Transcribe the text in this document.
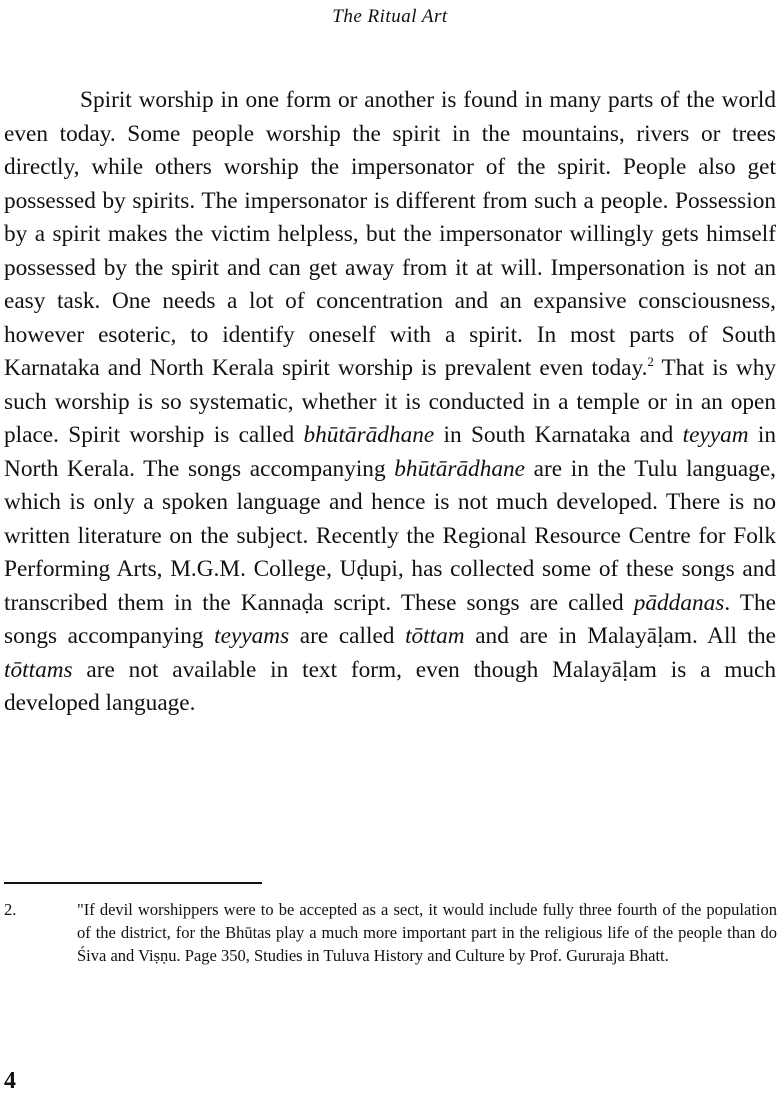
The Ritual Art

Spirit worship in one form or another is found in many parts of the world even today. Some people worship the spirit in the mountains, rivers or trees directly, while others worship the impersonator of the spirit. People also get possessed by spirits. The impersonator is different from such a people. Possession by a spirit makes the victim helpless, but the impersonator willingly gets himself possessed by the spirit and can get away from it at will. Impersonation is not an easy task. One needs a lot of concentration and an expansive consciousness, however esoteric, to identify oneself with a spirit. In most parts of South Karnataka and North Kerala spirit worship is prevalent even today.$^2$ That is why such worship is so systematic, whether it is conducted in a temple or in an open place. Spirit worship is called bhūtārādhane in South Karnataka and teyyam in North Kerala. The songs accompanying bhūtārādhane are in the Tulu language, which is only a spoken language and hence is not much developed. There is no written literature on the subject. Recently the Regional Resource Centre for Folk Performing Arts, M.G.M. College, Uḍupi, has collected some of these songs and transcribed them in the Kannaḍa script. These songs are called pāddanas. The songs accompanying teyyams are called tōttam and are in Malayāḷam. All the tōttams are not available in text form, even though Malayāḷam is a much developed language.

2.	"If devil worshippers were to be accepted as a sect, it would include fully three fourth of the population of the district, for the Bhūtas play a much more important part in the religious life of the people than do Śiva and Viṣṇu. Page 350, Studies in Tuluva History and Culture by Prof. Gururaja Bhatt.

4
